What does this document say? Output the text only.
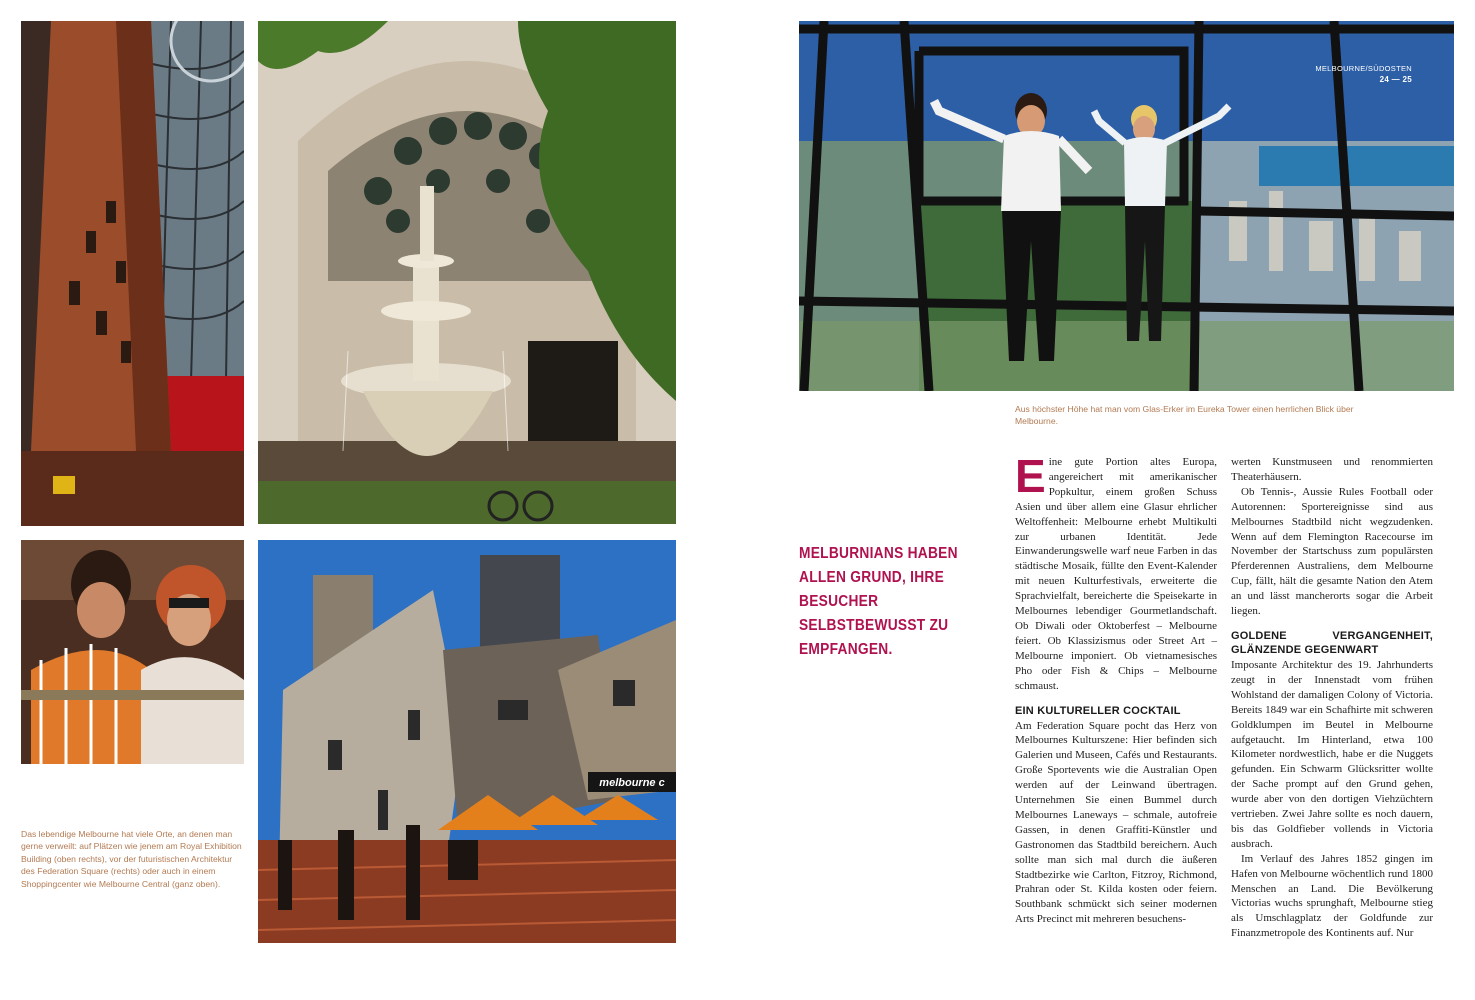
melbourne c
MELBOURNE/SÜDOSTEN
24 — 25

Aus höchster Höhe hat man vom Glas-Erker im Eureka Tower einen herrlichen Blick über Melbourne.

Das lebendige Melbourne hat viele Orte, an denen man gerne verweilt: auf Plätzen wie jenem am Royal Exhibition Building (oben rechts), vor der futuristischen Architektur des Federation Square (rechts) oder auch in einem Shoppingcenter wie Melbourne Central (ganz oben).

MELBURNIANS HABEN ALLEN GRUND, IHRE BESUCHER SELBSTBEWUSST ZU EMPFANGEN.

Eine gute Portion altes Europa, angereichert mit amerikanischer Popkultur, einem großen Schuss Asien und über allem eine Glasur ehrlicher Weltoffenheit: Melbourne erhebt Multikulti zur urbanen Identität. Jede Einwanderungswelle warf neue Farben in das städtische Mosaik, füllte den Event-Kalender mit neuen Kulturfestivals, erweiterte die Sprachvielfalt, bereicherte die Speisekarte in Melbournes lebendiger Gourmetlandschaft. Ob Diwali oder Oktoberfest – Melbourne feiert. Ob Klassizismus oder Street Art – Melbourne imponiert. Ob vietnamesisches Pho oder Fish & Chips – Melbourne schmaust.

EIN KULTURELLER COCKTAIL

Am Federation Square pocht das Herz von Melbournes Kulturszene: Hier befinden sich Galerien und Museen, Cafés und Restaurants. Große Sportevents wie die Australian Open werden auf der Leinwand übertragen. Unternehmen Sie einen Bummel durch Melbournes Laneways – schmale, autofreie Gassen, in denen Graffiti-Künstler und Gastronomen das Stadtbild bereichern. Auch sollte man sich mal durch die äußeren Stadtbezirke wie Carlton, Fitzroy, Richmond, Prahran oder St. Kilda kosten oder feiern. Southbank schmückt sich seiner modernen Arts Precinct mit mehreren besuchens-

werten Kunstmuseen und renommierten Theaterhäusern.

Ob Tennis-, Aussie Rules Football oder Autorennen: Sportereignisse sind aus Melbournes Stadtbild nicht wegzudenken. Wenn auf dem Flemington Racecourse im November der Startschuss zum populärsten Pferderennen Australiens, dem Melbourne Cup, fällt, hält die gesamte Nation den Atem an und lässt mancherorts sogar die Arbeit liegen.

GOLDENE VERGANGENHEIT, GLÄNZENDE GEGENWART

Imposante Architektur des 19. Jahrhunderts zeugt in der Innenstadt vom frühen Wohlstand der damaligen Colony of Victoria. Bereits 1849 war ein Schafhirte mit schweren Goldklumpen im Beutel in Melbourne aufgetaucht. Im Hinterland, etwa 100 Kilometer nordwestlich, habe er die Nuggets gefunden. Ein Schwarm Glücksritter wollte der Sache prompt auf den Grund gehen, wurde aber von den dortigen Viehzüchtern vertrieben. Zwei Jahre sollte es noch dauern, bis das Goldfieber vollends in Victoria ausbrach.

Im Verlauf des Jahres 1852 gingen im Hafen von Melbourne wöchentlich rund 1800 Menschen an Land. Die Bevölkerung Victorias wuchs sprunghaft, Melbourne stieg als Umschlagplatz der Goldfunde zur Finanzmetropole des Kontinents auf. Nur
